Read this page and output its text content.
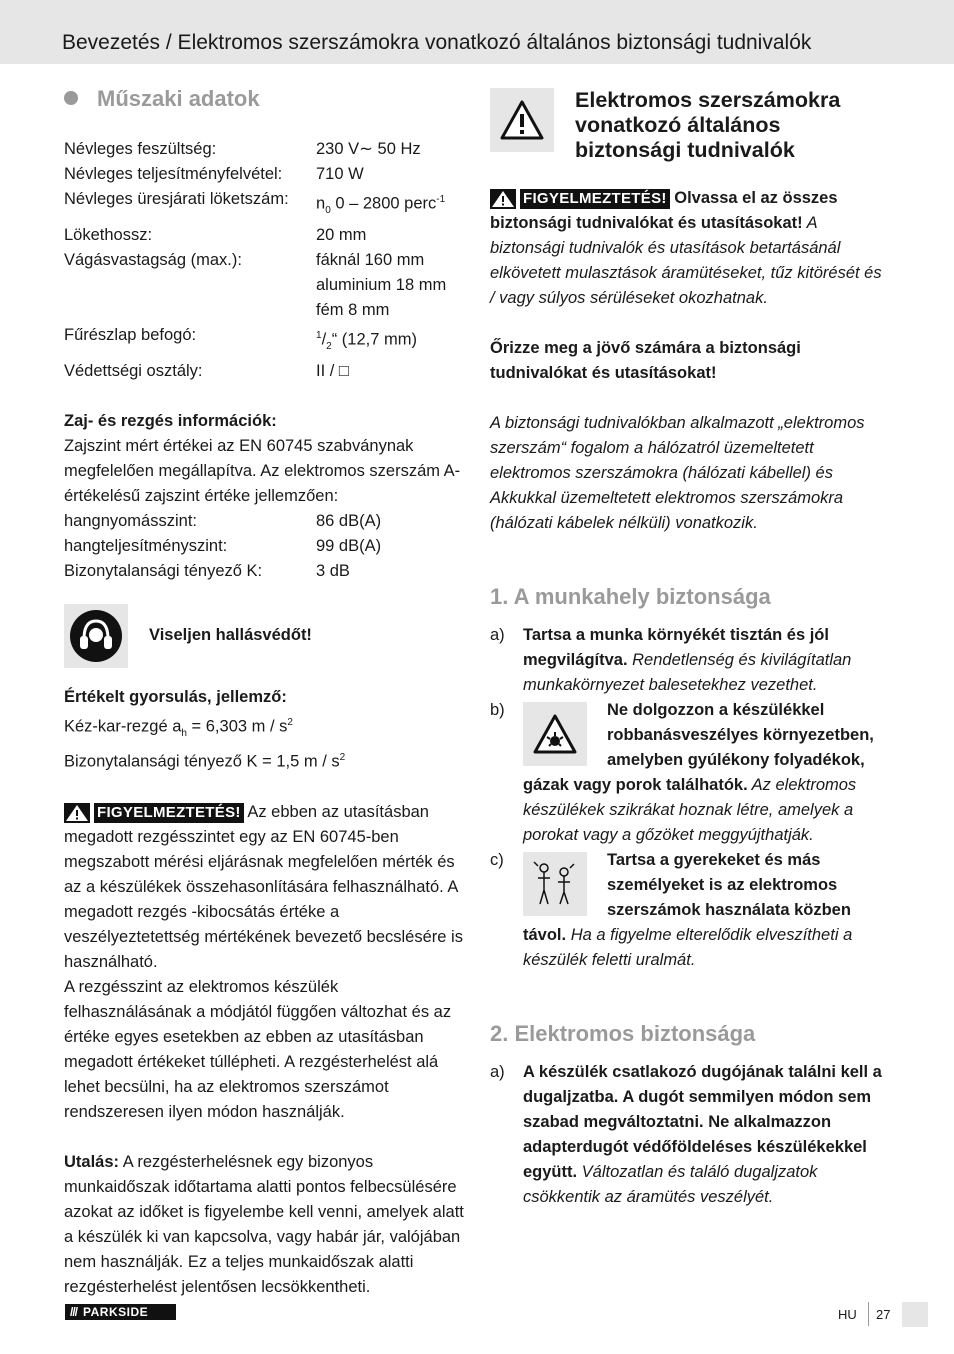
Bevezetés / Elektromos szerszámokra vonatkozó általános biztonsági tudnivalók
Műszaki adatok
Névleges feszültség:	230 V∼ 50 Hz
Névleges teljesítményfelvétel:	710 W
Névleges üresjárati löketszám:	$n_0$ 0 – 2800 perc$^{-1}$
Lökethossz:	20 mm
Vágásvastagság (max.):	fáknál 160 mm
aluminium 18 mm
fém 8 mm
Fűrészlap befogó:	$^1/_2“$ (12,7 mm)
Védettségi osztály:	II / □
Zaj- és rezgés információk:
Zajszint mért értékei az EN 60745 szabványnak megfelelően megállapítva. Az elektromos szerszám A-értékelésű zajszint értéke jellemzően:
hangnyomásszint:	86 dB(A)
hangteljesítményszint:	99 dB(A)
Bizonytalansági tényező K:	3 dB
Viseljen hallásvédőt!
Értékelt gyorsulás, jellemző:
Kéz-kar-rezgé $a_h = 6,303$ m / $s^2$
Bizonytalansági tényező K = 1,5 m / $s^2$
FIGYELMEZTETÉS! Az ebben az utasításban megadott rezgésszintet egy az EN 60745-ben megszabott mérési eljárásnak megfelelően mérték és az a készülékek összehasonlítására felhasználható. A megadott rezgés -kibocsátás értéke a veszélyeztetettség mértékének bevezető becslésére is használható.
A rezgésszint az elektromos készülék felhasználásának a módjától függően változhat és az értéke egyes esetekben az ebben az utasításban megadott értékeket túllépheti. A rezgésterhelést alá lehet becsülni, ha az elektromos szerszámot rendszeresen ilyen módon használják.
Utalás: A rezgésterhelésnek egy bizonyos munkaidőszak időtartama alatti pontos felbecsülésére azokat az időket is figyelembe kell venni, amelyek alatt a készülék ki van kapcsolva, vagy habár jár, valójában nem használják. Ez a teljes munkaidőszak alatti rezgésterhelést jelentősen lecsökkentheti.
Elektromos szerszámokra vonatkozó általános biztonsági tudnivalók
FIGYELMEZTETÉS! Olvassa el az összes biztonsági tudnivalókat és utasításokat! A biztonsági tudnivalók és utasítások betartásánál elkövetett mulasztások áramütéseket, tűz kitörését és / vagy súlyos sérüléseket okozhatnak.
Őrizze meg a jövő számára a biztonsági tudnivalókat és utasításokat!
A biztonsági tudnivalókban alkalmazott „elektromos szerszám“ fogalom a hálózatról üzemeltetett elektromos szerszámokra (hálózati kábellel) és Akkukkal üzemeltetett elektromos szerszámokra (hálózati kábelek nélküli) vonatkozik.
1. A munkahely biztonsága
a)	Tartsa a munka környékét tisztán és jól megvilágítva. Rendetlenség és kivilágítatlan munkakörnyezet balesetekhez vezethet.
b)	Ne dolgozzon a készülékkel robbanásveszélyes környezetben, amelyben gyúlékony folyadékok, gázak vagy porok találhatók. Az elektromos készülékek szikrákat hoznak létre, amelyek a porokat vagy a gőzöket meggyújthatják.
c)	Tartsa a gyerekeket és más személyeket is az elektromos szerszámok használata közben távol. Ha a figyelme elterelődik elveszítheti a készülék feletti uralmát.
2. Elektromos biztonsága
a)	A készülék csatlakozó dugójának találni kell a dugaljzatba. A dugót semmilyen módon sem szabad megváltoztatni. Ne alkalmazzon adapterdugót védőföldeléses készülékekkel együtt. Változatlan és találó dugaljzatok csökkentik az áramütés veszélyét.
/// PARKSIDE	HU 27
